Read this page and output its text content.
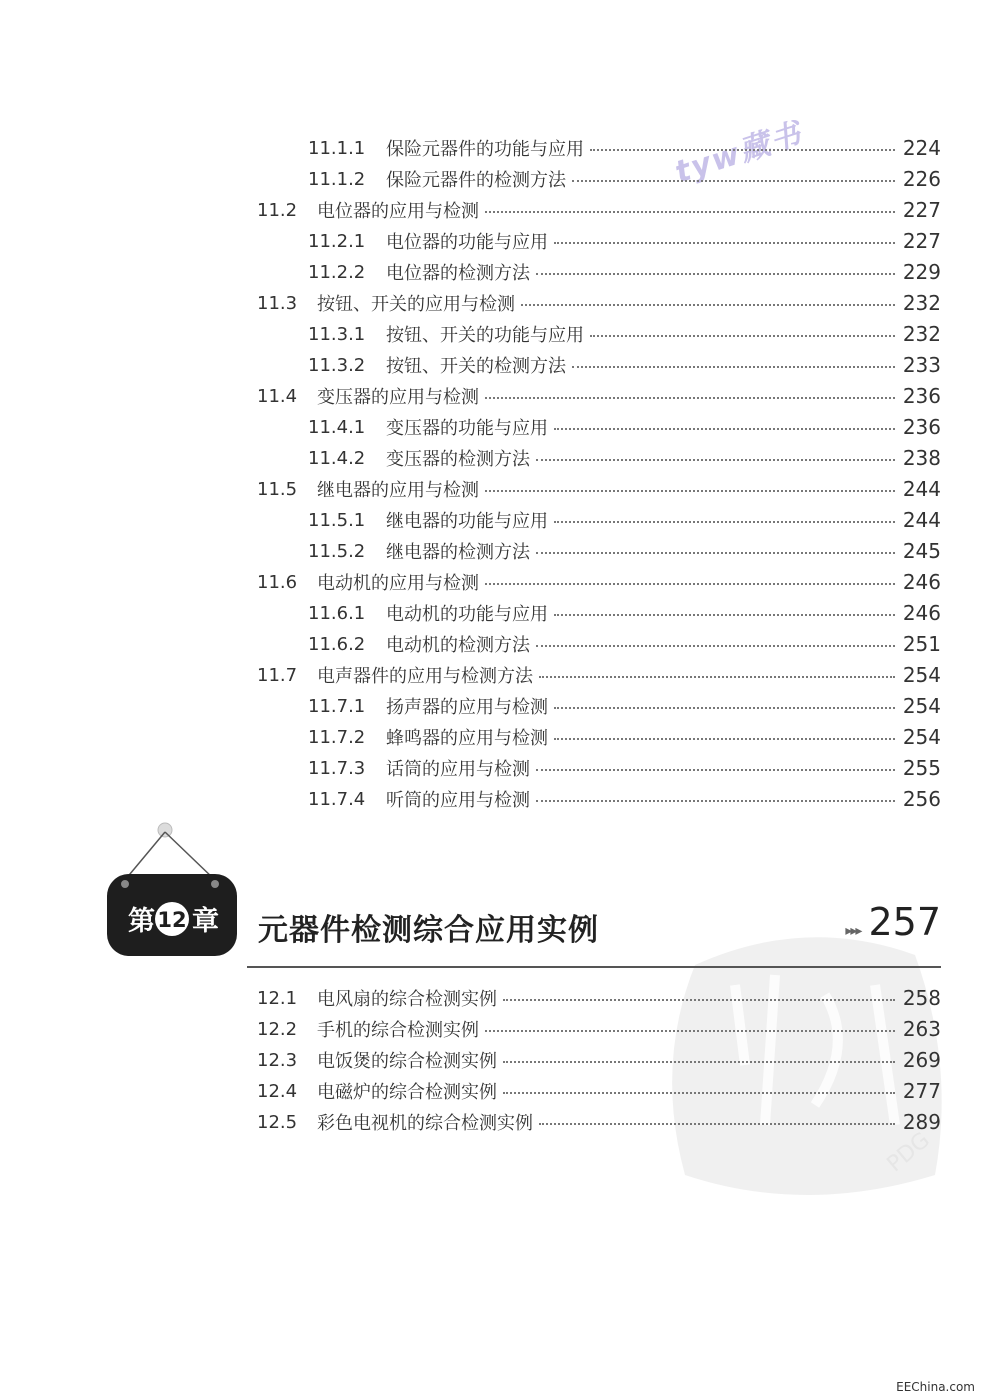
tyw藏书
PDG
11.1.1	保险元器件的功能与应用	224
11.1.2	保险元器件的检测方法	226
11.2	电位器的应用与检测	227
11.2.1	电位器的功能与应用	227
11.2.2	电位器的检测方法	229
11.3	按钮、开关的应用与检测	232
11.3.1	按钮、开关的功能与应用	232
11.3.2	按钮、开关的检测方法	233
11.4	变压器的应用与检测	236
11.4.1	变压器的功能与应用	236
11.4.2	变压器的检测方法	238
11.5	继电器的应用与检测	244
11.5.1	继电器的功能与应用	244
11.5.2	继电器的检测方法	245
11.6	电动机的应用与检测	246
11.6.1	电动机的功能与应用	246
11.6.2	电动机的检测方法	251
11.7	电声器件的应用与检测方法	254
11.7.1	扬声器的应用与检测	254
11.7.2	蜂鸣器的应用与检测	254
11.7.3	话筒的应用与检测	255
11.7.4	听筒的应用与检测	256
第 12 章 元器件检测综合应用实例	▸▸▸ 257
12.1	电风扇的综合检测实例	258
12.2	手机的综合检测实例	263
12.3	电饭煲的综合检测实例	269
12.4	电磁炉的综合检测实例	277
12.5	彩色电视机的综合检测实例	289
EEChina.com
